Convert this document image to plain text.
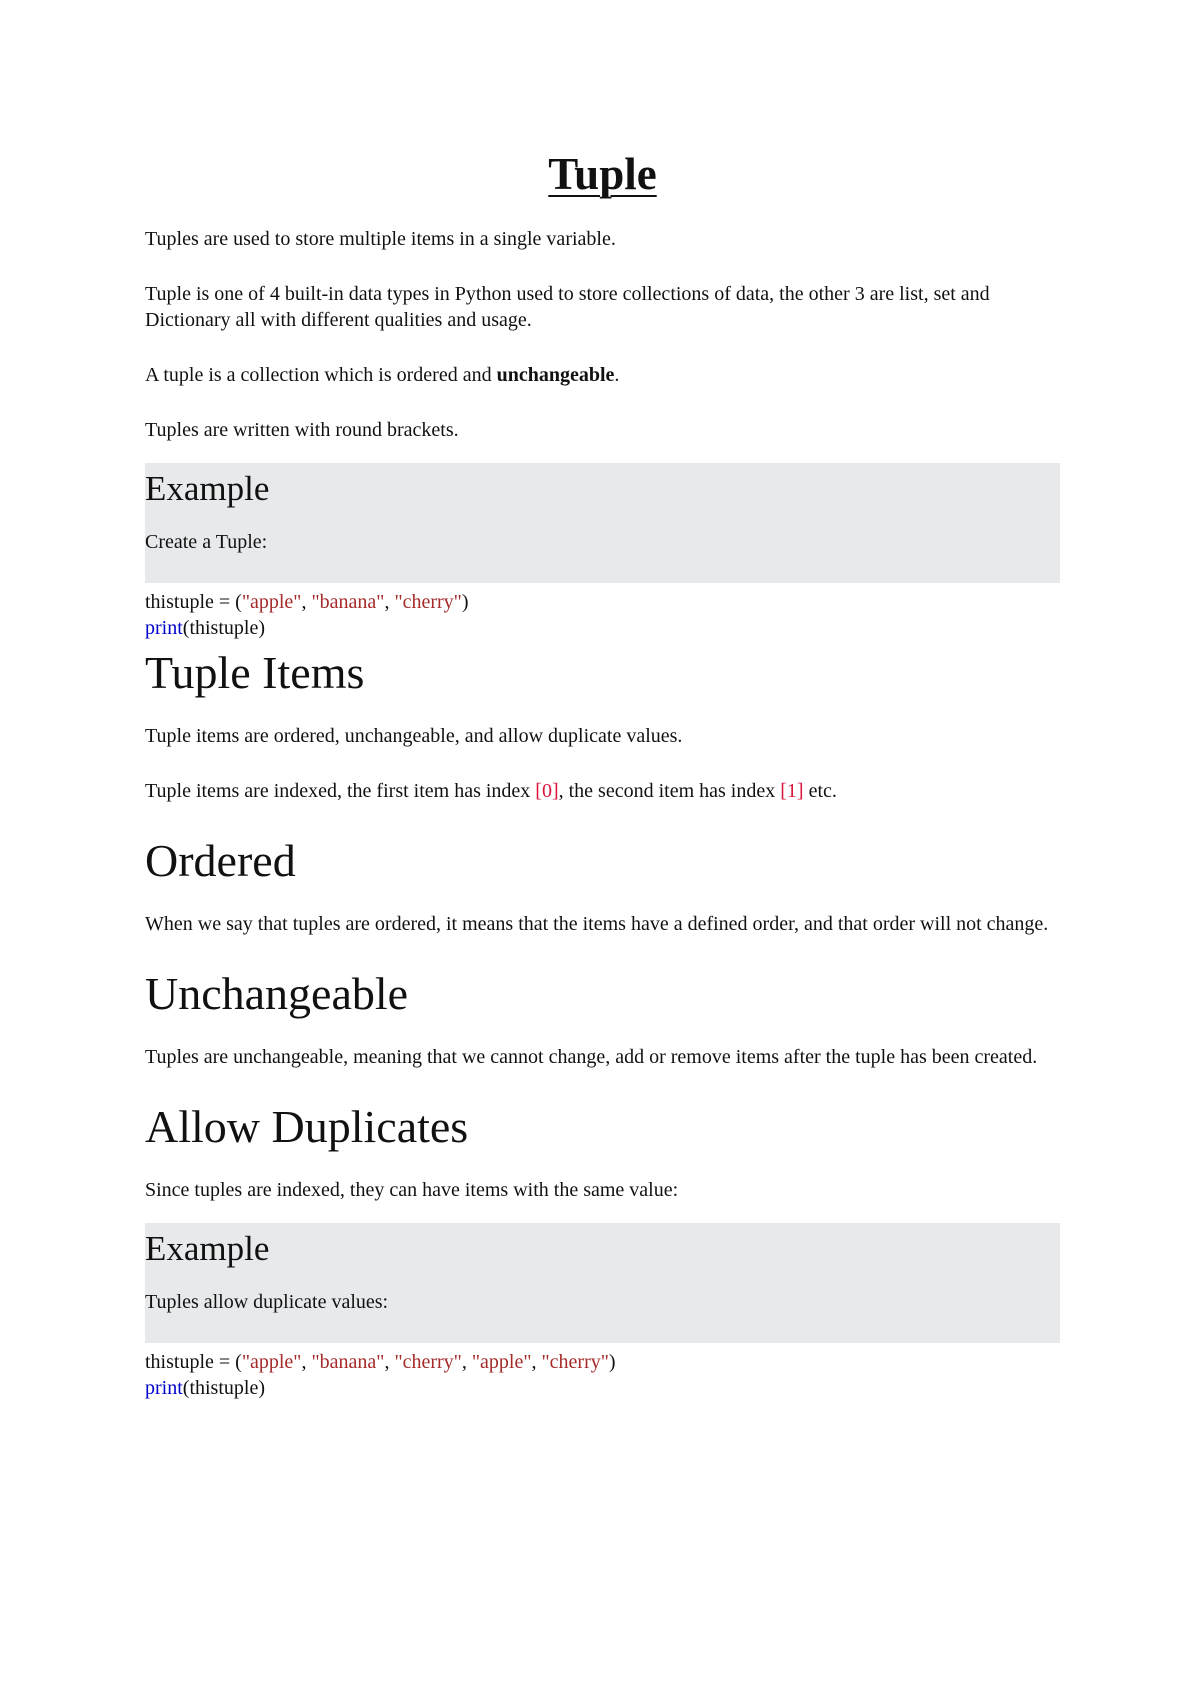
Tuple

Tuples are used to store multiple items in a single variable.

Tuple is one of 4 built-in data types in Python used to store collections of data, the other 3 are list, set and Dictionary all with different qualities and usage.

A tuple is a collection which is ordered and unchangeable.

Tuples are written with round brackets.

Example

Create a Tuple:

thistuple = ("apple", "banana", "cherry")
print(thistuple)
Tuple Items

Tuple items are ordered, unchangeable, and allow duplicate values.

Tuple items are indexed, the first item has index [0], the second item has index [1] etc.

Ordered

When we say that tuples are ordered, it means that the items have a defined order, and that order will not change.

Unchangeable

Tuples are unchangeable, meaning that we cannot change, add or remove items after the tuple has been created.

Allow Duplicates

Since tuples are indexed, they can have items with the same value:

Example

Tuples allow duplicate values:

thistuple = ("apple", "banana", "cherry", "apple", "cherry")
print(thistuple)
